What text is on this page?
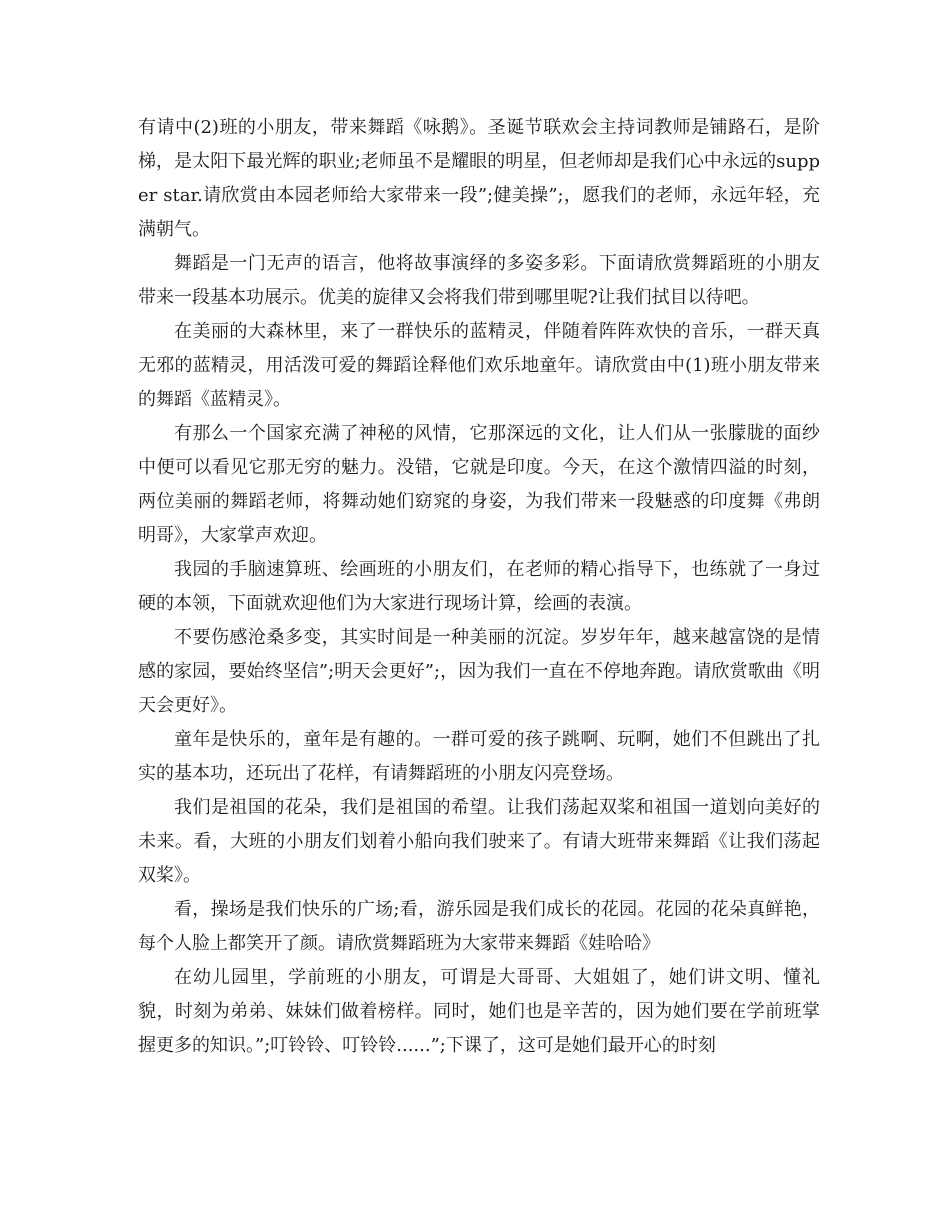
有请中(2)班的小朋友，带来舞蹈《咏鹅》。圣诞节联欢会主持词教师是铺路石，是阶梯，是太阳下最光辉的职业;老师虽不是耀眼的明星，但老师却是我们心中永远的supper star.请欣赏由本园老师给大家带来一段”;健美操”;，愿我们的老师，永远年轻，充满朝气。

舞蹈是一门无声的语言，他将故事演绎的多姿多彩。下面请欣赏舞蹈班的小朋友带来一段基本功展示。优美的旋律又会将我们带到哪里呢?让我们拭目以待吧。

在美丽的大森林里，来了一群快乐的蓝精灵，伴随着阵阵欢快的音乐，一群天真无邪的蓝精灵，用活泼可爱的舞蹈诠释他们欢乐地童年。请欣赏由中(1)班小朋友带来的舞蹈《蓝精灵》。

有那么一个国家充满了神秘的风情，它那深远的文化，让人们从一张朦胧的面纱中便可以看见它那无穷的魅力。没错，它就是印度。今天，在这个激情四溢的时刻，两位美丽的舞蹈老师，将舞动她们窈窕的身姿，为我们带来一段魅惑的印度舞《弗朗明哥》，大家掌声欢迎。

我园的手脑速算班、绘画班的小朋友们，在老师的精心指导下，也练就了一身过硬的本领，下面就欢迎他们为大家进行现场计算，绘画的表演。

不要伤感沧桑多变，其实时间是一种美丽的沉淀。岁岁年年，越来越富饶的是情感的家园，要始终坚信”;明天会更好”;，因为我们一直在不停地奔跑。请欣赏歌曲《明天会更好》。

童年是快乐的，童年是有趣的。一群可爱的孩子跳啊、玩啊，她们不但跳出了扎实的基本功，还玩出了花样，有请舞蹈班的小朋友闪亮登场。

我们是祖国的花朵，我们是祖国的希望。让我们荡起双桨和祖国一道划向美好的未来。看，大班的小朋友们划着小船向我们驶来了。有请大班带来舞蹈《让我们荡起双桨》。

看，操场是我们快乐的广场;看，游乐园是我们成长的花园。花园的花朵真鲜艳，每个人脸上都笑开了颜。请欣赏舞蹈班为大家带来舞蹈《娃哈哈》

在幼儿园里，学前班的小朋友，可谓是大哥哥、大姐姐了，她们讲文明、懂礼貌，时刻为弟弟、妹妹们做着榜样。同时，她们也是辛苦的，因为她们要在学前班掌握更多的知识。”;叮铃铃、叮铃铃......”;下课了，这可是她们最开心的时刻
